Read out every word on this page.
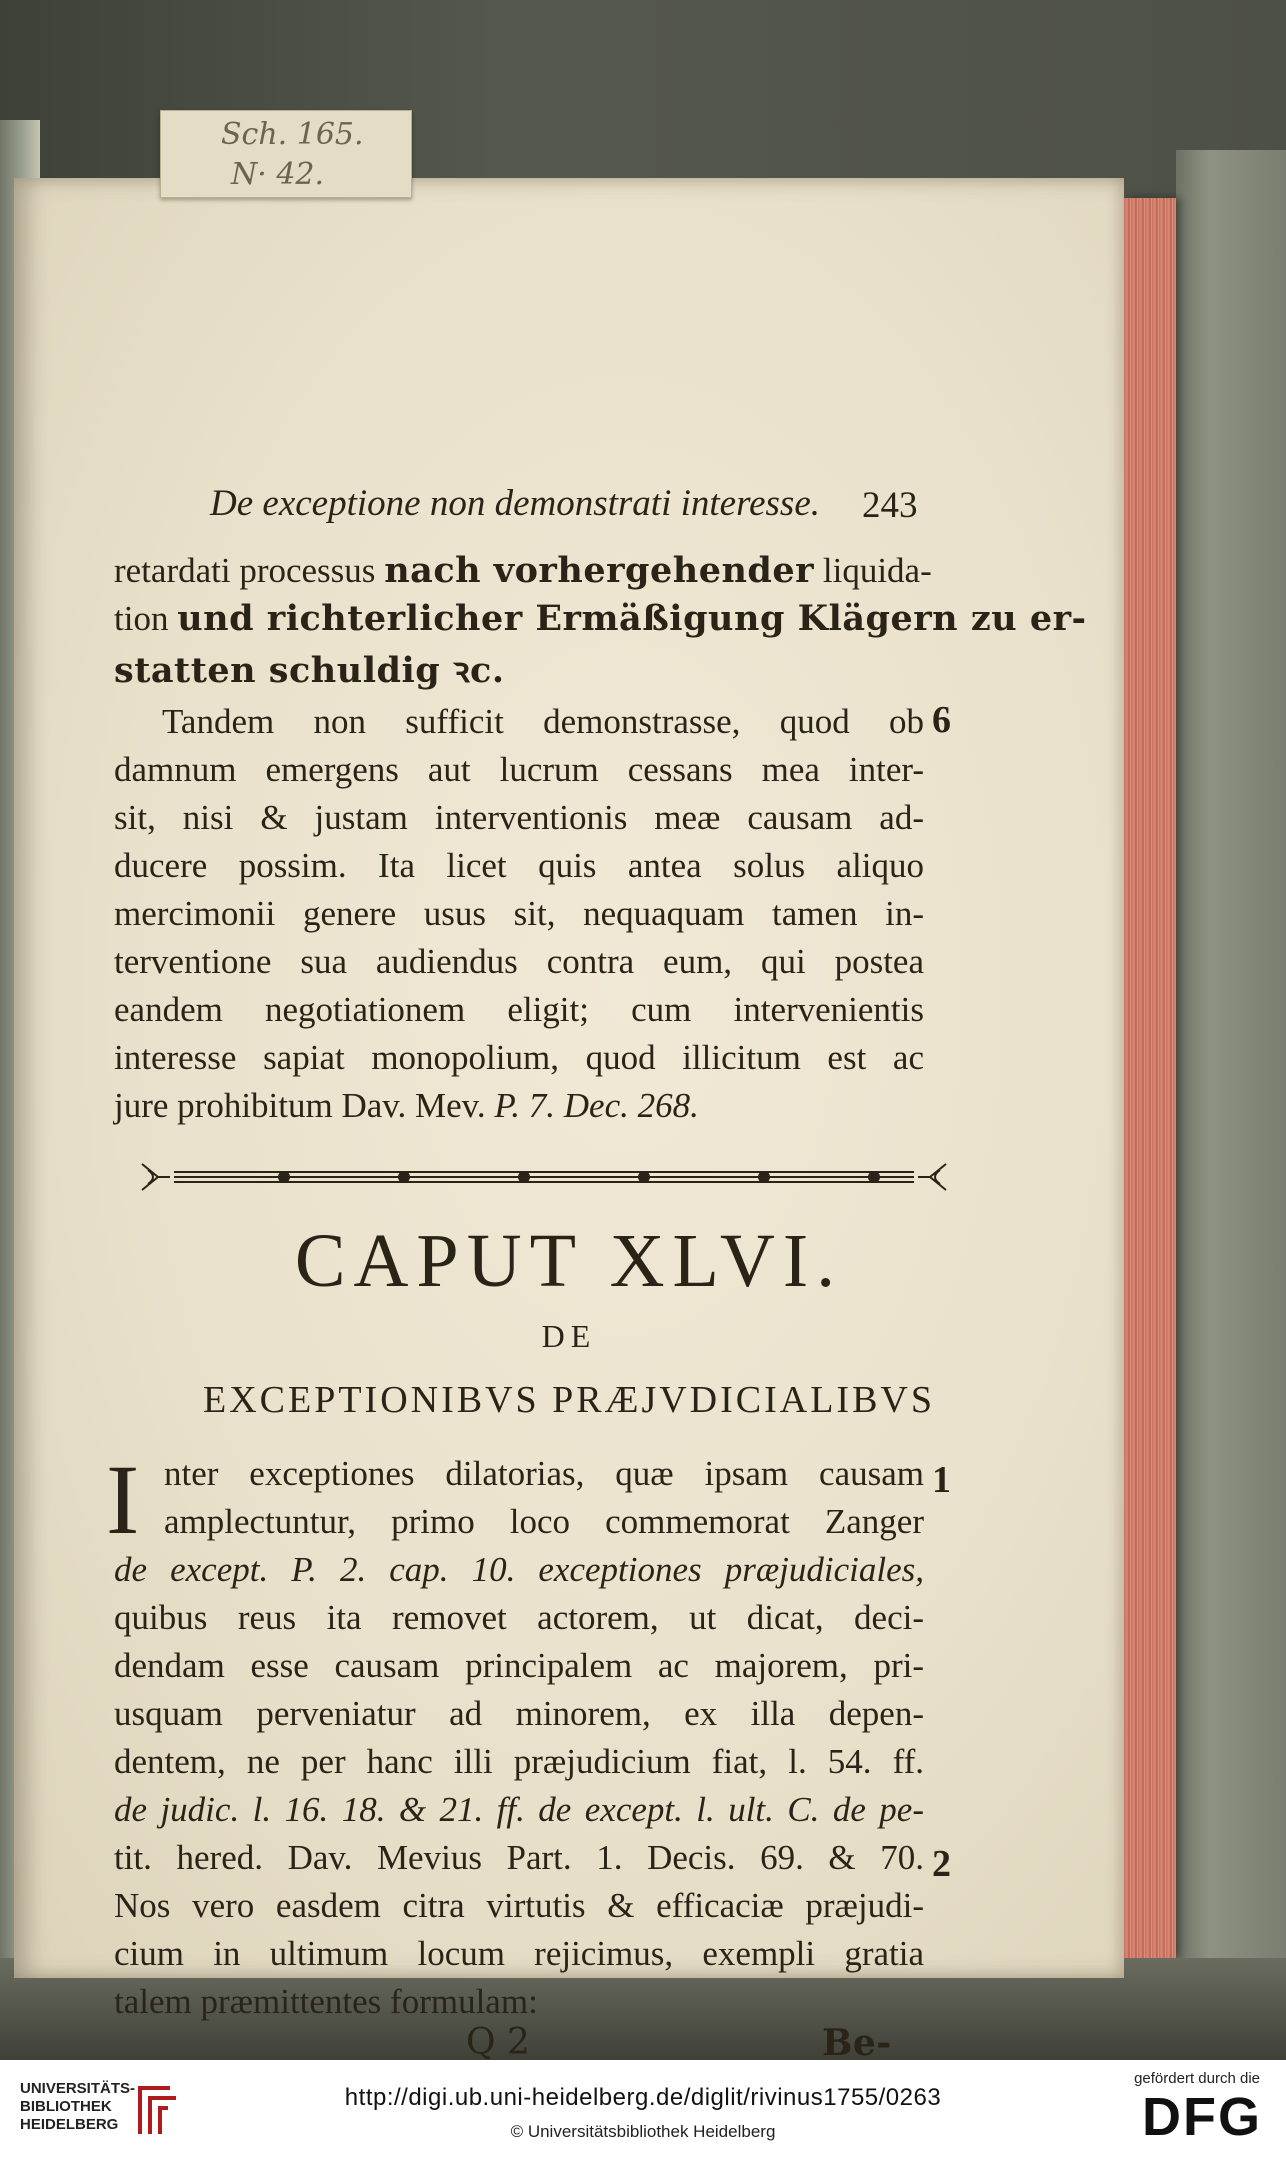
De exceptione non demonstrati interesse. 243
retardati processus nach vorhergehender liquida-
tion und richterlicher Ermäßigung Klägern zu er-
statten schuldig ꝛc.
Tandem non sufficit demonstrasse, quod ob
damnum emergens aut lucrum cessans mea inter-
sit, nisi & justam interventionis meæ causam ad-
ducere possim. Ita licet quis antea solus aliquo
mercimonii genere usus sit, nequaquam tamen in-
terventione sua audiendus contra eum, qui postea
eandem negotiationem eligit; cum intervenientis
interesse sapiat monopolium, quod illicitum est ac
jure prohibitum Dav. Mev. P. 7. Dec. 268.
6
CAPUT XLVI.
DE
EXCEPTIONIBVS PRÆJVDICIALIBVS
I nter exceptiones dilatorias, quæ ipsam causam
amplectuntur, primo loco commemorat Zanger
de except. P. 2. cap. 10. exceptiones præjudiciales,
quibus reus ita removet actorem, ut dicat, deci-
dendam esse causam principalem ac majorem, pri-
usquam perveniatur ad minorem, ex illa depen-
dentem, ne per hanc illi præjudicium fiat, l. 54. ff.
de judic. l. 16. 18. & 21. ff. de except. l. ult. C. de pe-
tit. hered. Dav. Mevius Part. 1. Decis. 69. & 70.
Nos vero easdem citra virtutis & efficaciæ præjudi-
cium in ultimum locum rejicimus, exempli gratia
talem præmittentes formulam:
1
2
Q 2	Be-
Sch. 165.
N· 42.
UNIVERSITÄTS-
BIBLIOTHEK
HEIDELBERG
http://digi.ub.uni-heidelberg.de/diglit/rivinus1755/0263
© Universitätsbibliothek Heidelberg
gefördert durch die
DFG
